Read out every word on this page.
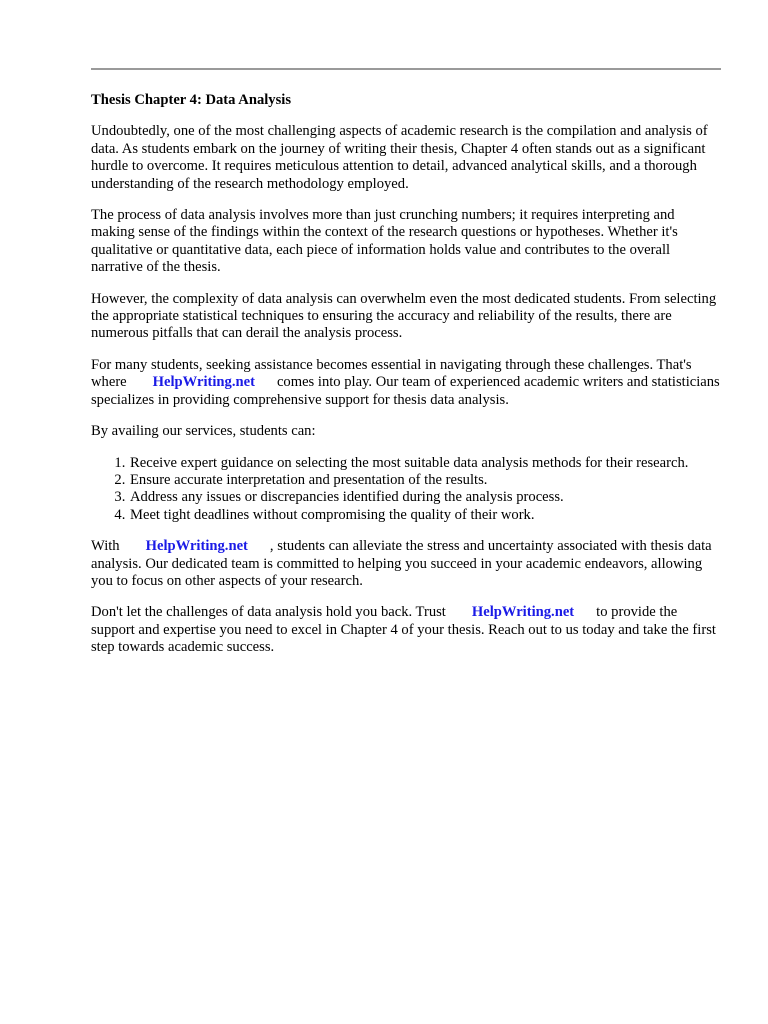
Thesis Chapter 4: Data Analysis

Undoubtedly, one of the most challenging aspects of academic research is the compilation and analysis of data. As students embark on the journey of writing their thesis, Chapter 4 often stands out as a significant hurdle to overcome. It requires meticulous attention to detail, advanced analytical skills, and a thorough understanding of the research methodology employed.

The process of data analysis involves more than just crunching numbers; it requires interpreting and making sense of the findings within the context of the research questions or hypotheses. Whether it's qualitative or quantitative data, each piece of information holds value and contributes to the overall narrative of the thesis.

However, the complexity of data analysis can overwhelm even the most dedicated students. From selecting the appropriate statistical techniques to ensuring the accuracy and reliability of the results, there are numerous pitfalls that can derail the analysis process.

For many students, seeking assistance becomes essential in navigating through these challenges. That's where HelpWriting.net comes into play. Our team of experienced academic writers and statisticians specializes in providing comprehensive support for thesis data analysis.

By availing our services, students can:

1. Receive expert guidance on selecting the most suitable data analysis methods for their research.
2. Ensure accurate interpretation and presentation of the results.
3. Address any issues or discrepancies identified during the analysis process.
4. Meet tight deadlines without compromising the quality of their work.

With HelpWriting.net , students can alleviate the stress and uncertainty associated with thesis data analysis. Our dedicated team is committed to helping you succeed in your academic endeavors, allowing you to focus on other aspects of your research.

Don't let the challenges of data analysis hold you back. Trust HelpWriting.net to provide the support and expertise you need to excel in Chapter 4 of your thesis. Reach out to us today and take the first step towards academic success.
